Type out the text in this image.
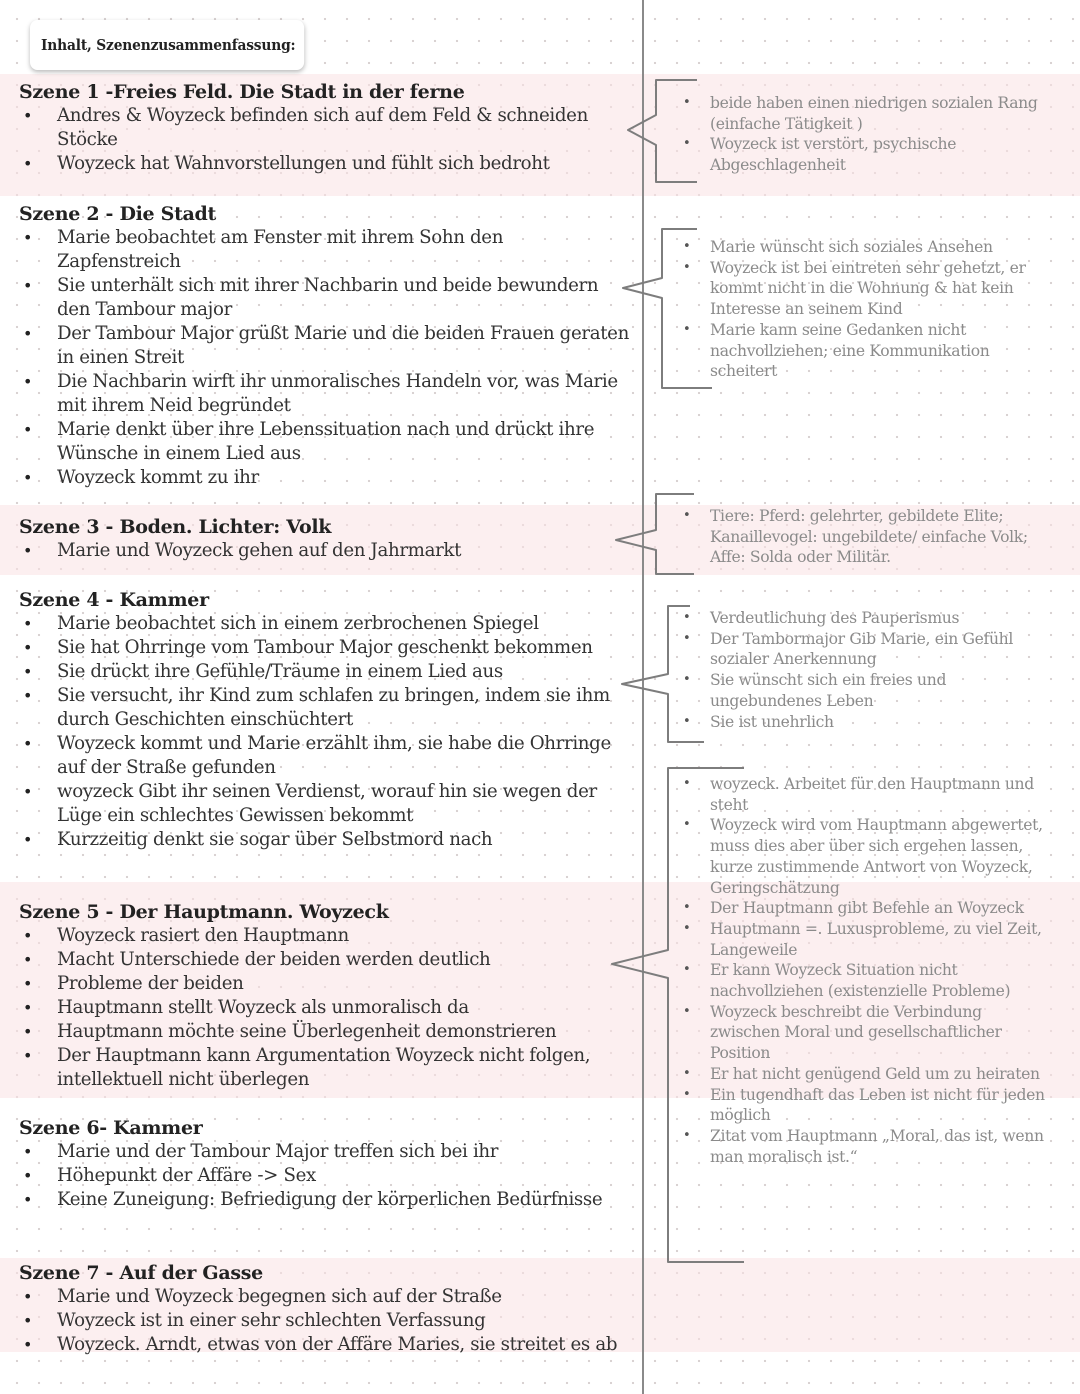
Inhalt, Szenenzusammenfassung:
Szene 1 -Freies Feld. Die Stadt in der ferne
• Andres & Woyzeck befinden sich auf dem Feld & schneiden Stöcke
• Woyzeck hat Wahnvorstellungen und fühlt sich bedroht
Szene 2 - Die Stadt
• Marie beobachtet am Fenster mit ihrem Sohn den Zapfenstreich
• Sie unterhält sich mit ihrer Nachbarin und beide bewundern den Tambour major
• Der Tambour Major grüßt Marie und die beiden Frauen geraten in einen Streit
• Die Nachbarin wirft ihr unmoralisches Handeln vor, was Marie mit ihrem Neid begründet
• Marie denkt über ihre Lebenssituation nach und drückt ihre Wünsche in einem Lied aus
• Woyzeck kommt zu ihr
Szene 3 - Boden. Lichter: Volk
• Marie und Woyzeck gehen auf den Jahrmarkt
Szene 4 - Kammer
• Marie beobachtet sich in einem zerbrochenen Spiegel
• Sie hat Ohrringe vom Tambour Major geschenkt bekommen
• Sie drückt ihre Gefühle/Träume in einem Lied aus
• Sie versucht, ihr Kind zum schlafen zu bringen, indem sie ihm durch Geschichten einschüchtert
• Woyzeck kommt und Marie erzählt ihm, sie habe die Ohrringe auf der Straße gefunden
• woyzeck Gibt ihr seinen Verdienst, worauf hin sie wegen der Lüge ein schlechtes Gewissen bekommt
• Kurzzeitig denkt sie sogar über Selbstmord nach
Szene 5 - Der Hauptmann. Woyzeck
• Woyzeck rasiert den Hauptmann
• Macht Unterschiede der beiden werden deutlich
• Probleme der beiden
• Hauptmann stellt Woyzeck als unmoralisch da
• Hauptmann möchte seine Überlegenheit demonstrieren
• Der Hauptmann kann Argumentation Woyzeck nicht folgen, intellektuell nicht überlegen
Szene 6- Kammer
• Marie und der Tambour Major treffen sich bei ihr
• Höhepunkt der Affäre -> Sex
• Keine Zuneigung: Befriedigung der körperlichen Bedürfnisse
Szene 7 - Auf der Gasse
• Marie und Woyzeck begegnen sich auf der Straße
• Woyzeck ist in einer sehr schlechten Verfassung
• Woyzeck. Arndt, etwas von der Affäre Maries, sie streitet es ab
• beide haben einen niedrigen sozialen Rang (einfache Tätigkeit )
• Woyzeck ist verstört, psychische Abgeschlagenheit
• Marie wünscht sich soziales Ansehen
• Woyzeck ist bei eintreten sehr gehetzt, er kommt nicht in die Wohnung & hat kein Interesse an seinem Kind
• Marie kann seine Gedanken nicht nachvollziehen; eine Kommunikation scheitert
• Tiere: Pferd: gelehrter, gebildete Elite; Kanaillevogel: ungebildete/ einfache Volk; Affe: Solda oder Militär.
• Verdeutlichung des Pauperismus
• Der Tambormajor Gib Marie, ein Gefühl sozialer Anerkennung
• Sie wünscht sich ein freies und ungebundenes Leben
• Sie ist unehrlich
• woyzeck. Arbeitet für den Hauptmann und steht
• Woyzeck wird vom Hauptmann abgewertet, muss dies aber über sich ergehen lassen, kurze zustimmende Antwort von Woyzeck, Geringschätzung
• Der Hauptmann gibt Befehle an Woyzeck
• Hauptmann =. Luxusprobleme, zu viel Zeit, Langeweile
• Er kann Woyzeck Situation nicht nachvollziehen (existenzielle Probleme)
• Woyzeck beschreibt die Verbindung zwischen Moral und gesellschaftlicher Position
• Er hat nicht genügend Geld um zu heiraten
• Ein tugendhaft das Leben ist nicht für jeden möglich
• Zitat vom Hauptmann „Moral, das ist, wenn man moralisch ist.“
